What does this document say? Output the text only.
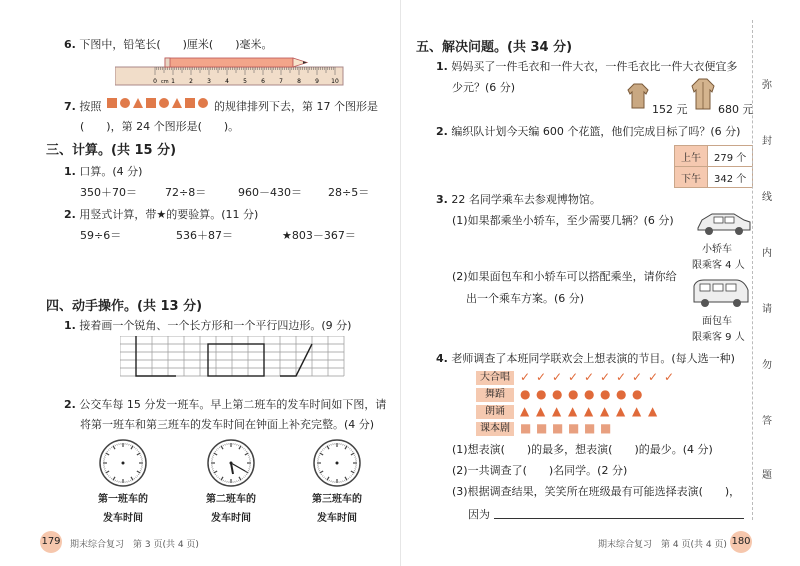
6. 下图中，铅笔长(　　)厘米(　　)毫米。
0 1 2 3 4 5 6 7 8 9 10
cm
7. 按照	的规律排列下去，第 17 个图形是
(　　)，第 24 个图形是(　　)。
三、计算。(共 15 分)
1. 口算。(4 分)
350＋70＝	72÷8＝	960－430＝ 28÷5＝
2. 用竖式计算，带★的要验算。(11 分)
59÷6＝	536＋87＝	★803－367＝
四、动手操作。(共 13 分)
1. 接着画一个锐角、一个长方形和一个平行四边形。(9 分)
2. 公交车每 15 分发一班车。早上第二班车的发车时间如下图，请
将第一班车和第三班车的发车时间在钟面上补充完整。(4 分)
第一班车的
发车时间
第二班车的
发车时间
第三班车的
发车时间
179 期末综合复习　第 3 页(共 4 页)
五、解决问题。(共 34 分)
1. 妈妈买了一件毛衣和一件大衣，一件毛衣比一件大衣便宜多
少元？(6 分)
152 元	680 元
2. 编织队计划今天编 600 个花篮，他们完成目标了吗？(6 分)
上午	279 个
下午	342 个
3. 22 名同学乘车去参观博物馆。
(1)如果都乘坐小轿车，至少需要几辆？(6 分)
(2)如果面包车和小轿车可以搭配乘坐，请你给
出一个乘车方案。(6 分)
小轿车
限乘客 4 人
面包车
限乘客 9 人
4. 老师调查了本班同学联欢会上想表演的节目。(每人选一种)
大合唱 ✓ ✓ ✓ ✓ ✓ ✓ ✓ ✓ ✓ ✓
舞蹈	● ● ● ● ● ● ● ●
朗诵	▲ ▲ ▲ ▲ ▲ ▲ ▲ ▲ ▲
课本剧 ■ ■ ■ ■ ■ ■
(1)想表演(　　)的最多，想表演(　　)的最少。(4 分)
(2)一共调查了(　　)名同学。(2 分)
(3)根据调查结果，笑笑所在班级最有可能选择表演(　　)，
因为
弥
封
线
内
请
勿
答
题
期末综合复习　第 4 页(共 4 页) 180
